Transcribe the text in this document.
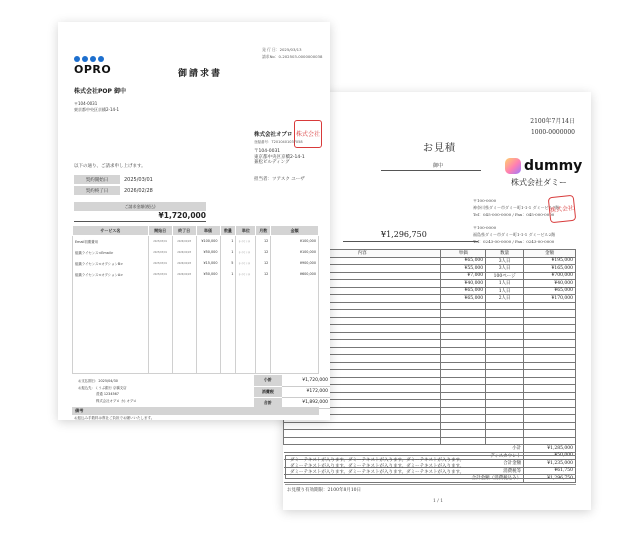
2100年7月14日
1000-0000000
お見積
御中	dummy
株式会社ダミー
〒100-0000
神奈川県ダミー市ダミー町1-1-1 ダミービル7階
Tel：045-000-0000 / Fax：045-000-0000
〒100-0000
福島県ダミー市ダミー町1-1-1 ダミービル2階
Tel：0243-00-0000 / Fax：0243-00-0000
株式会社
¥1,296,750
内容	単価	数量	金額
	¥65,000	3人日	¥195,000
	¥55,000	3人日	¥165,000
	¥7,000	100ページ	¥700,000
	¥40,000	1人日	¥40,000
	¥65,000	1人日	¥65,000
	¥65,000	2人日	¥170,000

小計			¥1,285,000
ディスカウント			¥50,000
合計金額			¥1,235,000
消費税等			¥61,750
合計金額（消費税込み）			¥1,296,750
ダミーテキストが入ります。ダミーテキストが入ります。ダミーテキストが入ります。
ダミーテキストが入ります。ダミーテキストが入ります。ダミーテキストが入ります。
ダミーテキストが入ります。ダミーテキストが入ります。ダミーテキストが入ります。
お見積り有効期限：2100年8月10日
1 / 1
OPRO
発 行 日：2025/03/13
請求No：0-202503-0000000038
御請求書
株式会社POP 御中
〒104-0031
東京都中央区京橋2-14-1
株式会社
株式会社オプロ
登録番号：T2010401037058
〒104-0031
東京都中央区京橋2-14-1
兼松ビルディング
担当者：ツアスク ユーザ
以下の通り、ご請求申し上げます。
契約開始日	2025/03/01
契約終了日	2026/02/28
ご請求金額(税込)
¥1,720,000
サービス名	開始日	終了日	単価	数量	単位	月数	金額
Email初期費用	2025/03/01	2026/02/28	¥100,000	1	ライセンス	12	¥100,000
組織ライセンス<Email>	2025/03/01	2026/02/28	¥50,000	1	ライセンス	12	¥100,000
組織ライセンス<オプションB>	2025/03/01	2026/02/28	¥15,000	5	ライセンス	12	¥900,000
組織ライセンス<オプションA>	2025/03/01	2026/02/28	¥50,000	1	ライセンス	12	¥600,000

お支払期日：2025/04/30
お振込先：くうぶ銀行 京橋支店
普通 1234567
株式会社オプロ カ) オプロ
小計	¥1,720,000
消費税	¥172,000
合計	¥1,892,000
備考
お振込み手数料は貴社ご負担でお願いいたします。
